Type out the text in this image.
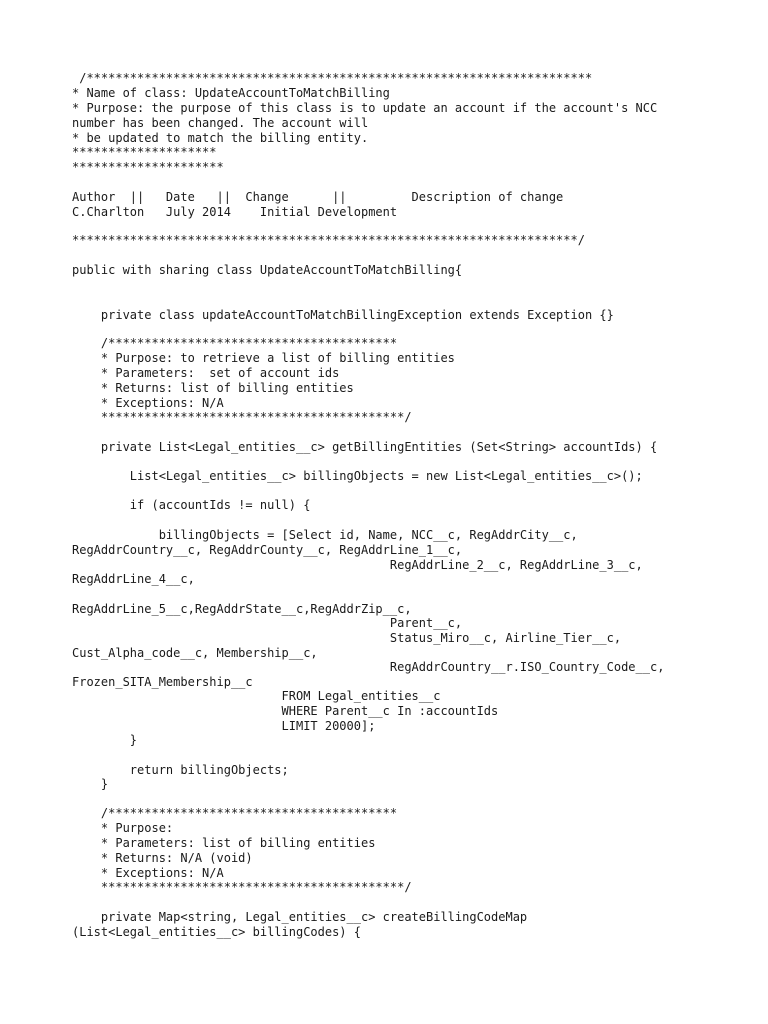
/**********************************************************************
* Name of class: UpdateAccountToMatchBilling
* Purpose: the purpose of this class is to update an account if the account's NCC
number has been changed. The account will
* be updated to match the billing entity.
********************
*********************
Author  ||   Date   ||  Change      ||         Description of change
C.Charlton   July 2014    Initial Development
**********************************************************************/
public with sharing class UpdateAccountToMatchBilling{
private class updateAccountToMatchBillingException extends Exception {}
/****************************************
* Purpose: to retrieve a list of billing entities
* Parameters:  set of account ids
* Returns: list of billing entities
* Exceptions: N/A
******************************************/
private List<Legal_entities__c> getBillingEntities (Set<String> accountIds) {
List<Legal_entities__c> billingObjects = new List<Legal_entities__c>();
if (accountIds != null) {
billingObjects = [Select id, Name, NCC__c, RegAddrCity__c,
RegAddrCountry__c, RegAddrCounty__c, RegAddrLine_1__c,
RegAddrLine_2__c, RegAddrLine_3__c,
RegAddrLine_4__c,
RegAddrLine_5__c,RegAddrState__c,RegAddrZip__c,
Parent__c,
Status_Miro__c, Airline_Tier__c,
Cust_Alpha_code__c, Membership__c,
RegAddrCountry__r.ISO_Country_Code__c,
Frozen_SITA_Membership__c
FROM Legal_entities__c
WHERE Parent__c In :accountIds
LIMIT 20000];
}
return billingObjects;
}
/****************************************
* Purpose:
* Parameters: list of billing entities
* Returns: N/A (void)
* Exceptions: N/A
******************************************/
private Map<string, Legal_entities__c> createBillingCodeMap
(List<Legal_entities__c> billingCodes) {
